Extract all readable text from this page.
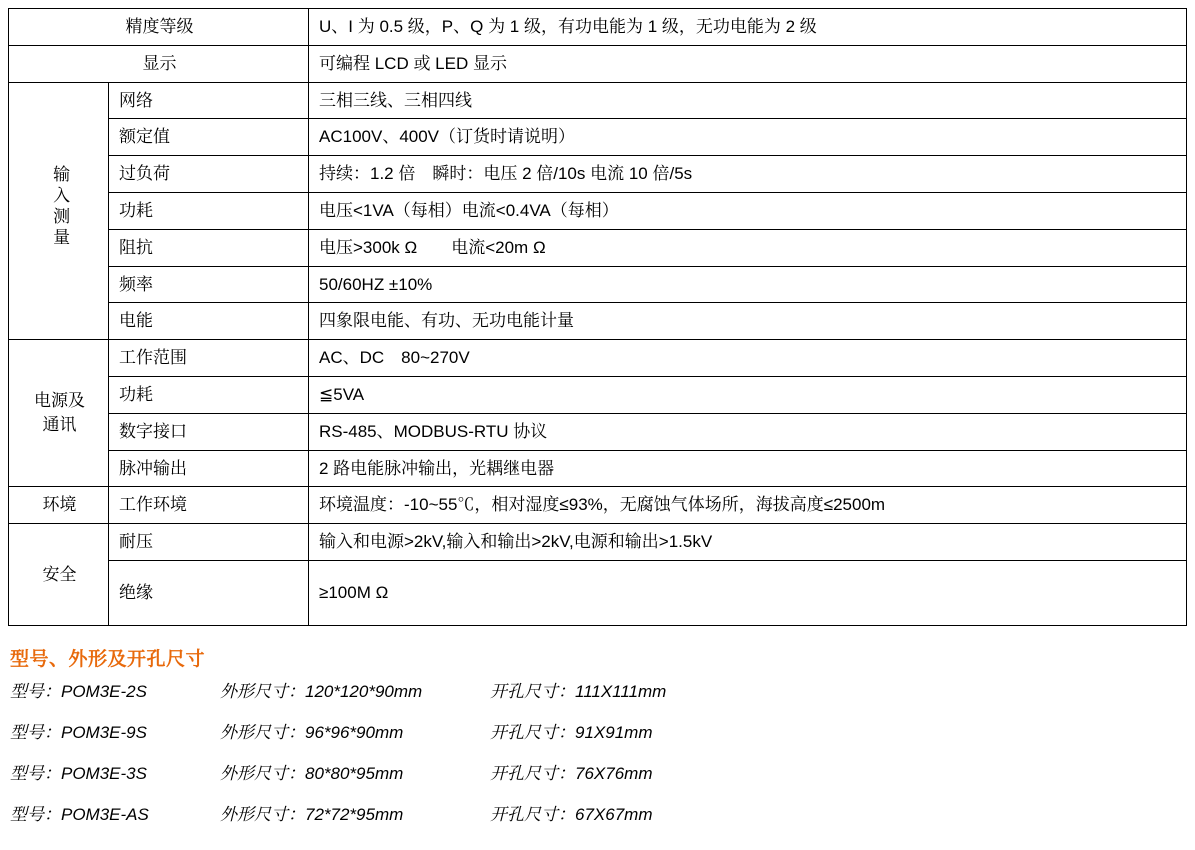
精度等级		U、I 为 0.5 级，P、Q 为 1 级，有功电能为 1 级，无功电能为 2 级
显示		可编程 LCD 或 LED 显示
输入测量	网络	三相三线、三相四线
	额定值	AC100V、400V（订货时请说明）
	过负荷	持续：1.2 倍　瞬时：电压 2 倍/10s 电流 10 倍/5s
	功耗	电压<1VA（每相）电流<0.4VA（每相）
	阻抗	电压>300k Ω　　电流<20m Ω
	频率	50/60HZ ±10%
	电能	四象限电能、有功、无功电能计量

电源及
通讯	工作范围	AC、DC　80~270V
	功耗	≦5VA
	数字接口	RS-485、MODBUS-RTU 协议
	脉冲输出	2 路电能脉冲输出，光耦继电器
环境	工作环境	环境温度：-10~55℃，相对湿度≤93%，无腐蚀气体场所，海拔高度≤2500m
安全	耐压	输入和电源>2kV,输入和输出>2kV,电源和输出>1.5kV
	绝缘	≥100M Ω
型号、外形及开孔尺寸
型号：POM3E-2S	外形尺寸：120*120*90mm	开孔尺寸：111X111mm
型号：POM3E-9S	外形尺寸：96*96*90mm	开孔尺寸：91X91mm
型号：POM3E-3S	外形尺寸：80*80*95mm	开孔尺寸：76X76mm
型号：POM3E-AS	外形尺寸：72*72*95mm	开孔尺寸：67X67mm
